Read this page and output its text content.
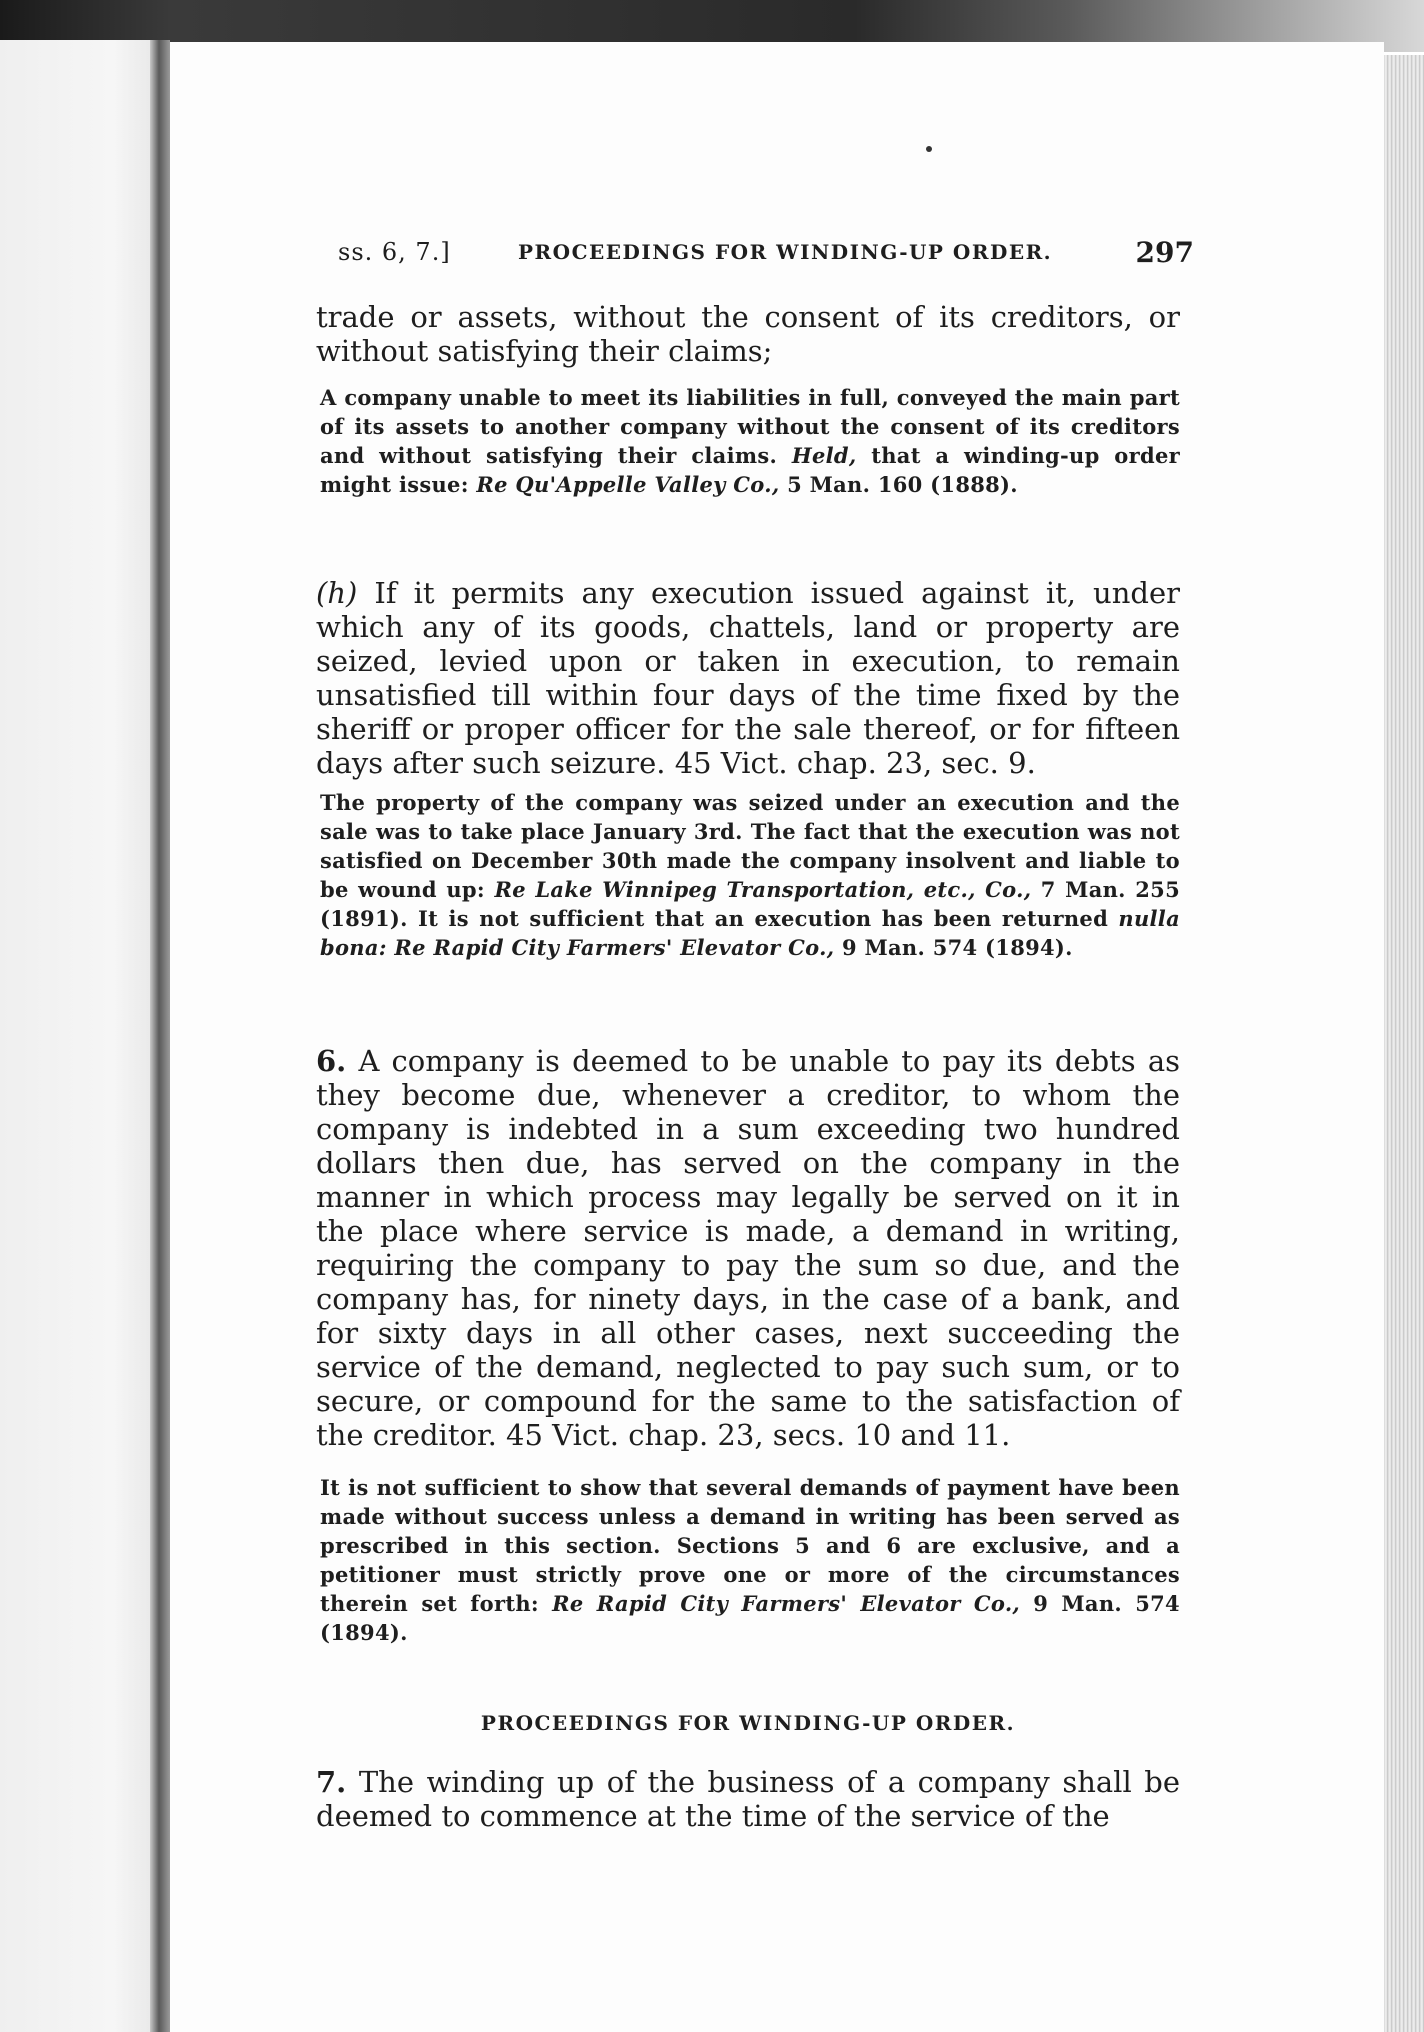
ss. 6, 7.]	PROCEEDINGS FOR WINDING-UP ORDER.	297
trade or assets, without the consent of its creditors, or without satisfying their claims;
A company unable to meet its liabilities in full, conveyed the main part of its assets to another company without the consent of its creditors and without satisfying their claims. Held, that a winding-up order might issue: Re Qu'Appelle Valley Co., 5 Man. 160 (1888).
(h) If it permits any execution issued against it, under which any of its goods, chattels, land or property are seized, levied upon or taken in execution, to remain unsatisfied till within four days of the time fixed by the sheriff or proper officer for the sale thereof, or for fifteen days after such seizure. 45 Vict. chap. 23, sec. 9.
The property of the company was seized under an execution and the sale was to take place January 3rd. The fact that the execution was not satisfied on December 30th made the company insolvent and liable to be wound up: Re Lake Winnipeg Transportation, etc., Co., 7 Man. 255 (1891). It is not sufficient that an execution has been returned nulla bona: Re Rapid City Farmers' Elevator Co., 9 Man. 574 (1894).
6. A company is deemed to be unable to pay its debts as they become due, whenever a creditor, to whom the company is indebted in a sum exceeding two hundred dollars then due, has served on the company in the manner in which process may legally be served on it in the place where service is made, a demand in writing, requiring the company to pay the sum so due, and the company has, for ninety days, in the case of a bank, and for sixty days in all other cases, next succeeding the service of the demand, neglected to pay such sum, or to secure, or compound for the same to the satisfaction of the creditor. 45 Vict. chap. 23, secs. 10 and 11.
It is not sufficient to show that several demands of payment have been made without success unless a demand in writing has been served as prescribed in this section. Sections 5 and 6 are exclusive, and a petitioner must strictly prove one or more of the circumstances therein set forth: Re Rapid City Farmers' Elevator Co., 9 Man. 574 (1894).
PROCEEDINGS FOR WINDING-UP ORDER.
7. The winding up of the business of a company shall be deemed to commence at the time of the service of the
